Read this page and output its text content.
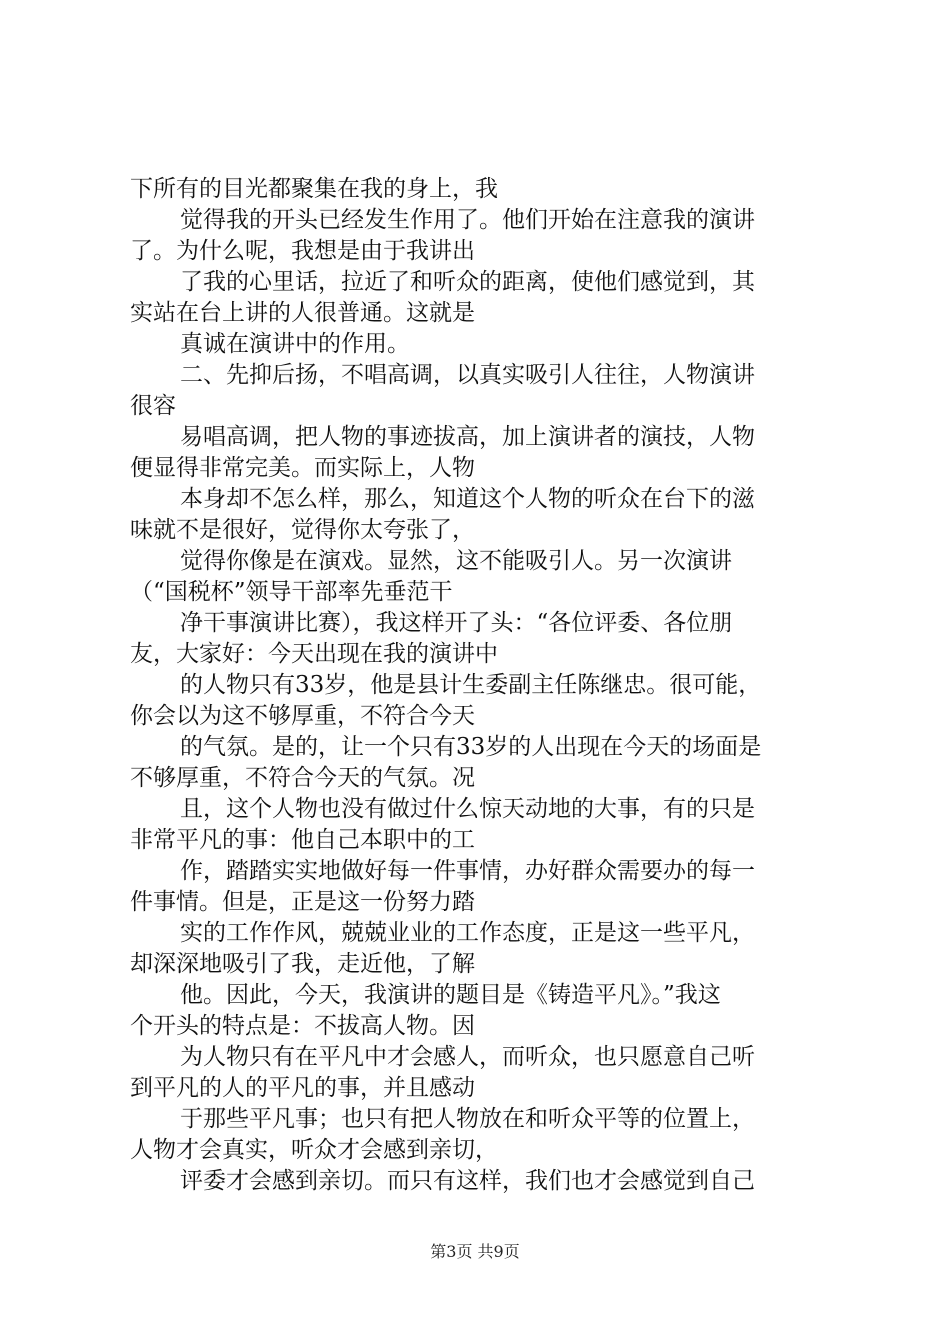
下所有的目光都聚集在我的身上，我
觉得我的开头已经发生作用了。他们开始在注意我的演讲
了。为什么呢，我想是由于我讲出
了我的心里话，拉近了和听众的距离，使他们感觉到，其
实站在台上讲的人很普通。这就是
真诚在演讲中的作用。
二、先抑后扬，不唱高调，以真实吸引人往往，人物演讲
很容
易唱高调，把人物的事迹拔高，加上演讲者的演技，人物
便显得非常完美。而实际上，人物
本身却不怎么样，那么，知道这个人物的听众在台下的滋
味就不是很好，觉得你太夸张了，
觉得你像是在演戏。显然，这不能吸引人。另一次演讲
（“国税杯”领导干部率先垂范干
净干事演讲比赛），我这样开了头：“各位评委、各位朋
友，大家好：今天出现在我的演讲中
的人物只有33岁，他是县计生委副主任陈继忠。很可能，
你会以为这不够厚重，不符合今天
的气氛。是的，让一个只有33岁的人出现在今天的场面是
不够厚重，不符合今天的气氛。况
且，这个人物也没有做过什么惊天动地的大事，有的只是
非常平凡的事：他自己本职中的工
作，踏踏实实地做好每一件事情，办好群众需要办的每一
件事情。但是，正是这一份努力踏
实的工作作风，兢兢业业的工作态度，正是这一些平凡，
却深深地吸引了我，走近他，了解
他。因此，今天，我演讲的题目是《铸造平凡》。”我这
个开头的特点是：不拔高人物。因
为人物只有在平凡中才会感人，而听众，也只愿意自己听
到平凡的人的平凡的事，并且感动
于那些平凡事；也只有把人物放在和听众平等的位置上，
人物才会真实，听众才会感到亲切，
评委才会感到亲切。而只有这样，我们也才会感觉到自己
第3页 共9页
